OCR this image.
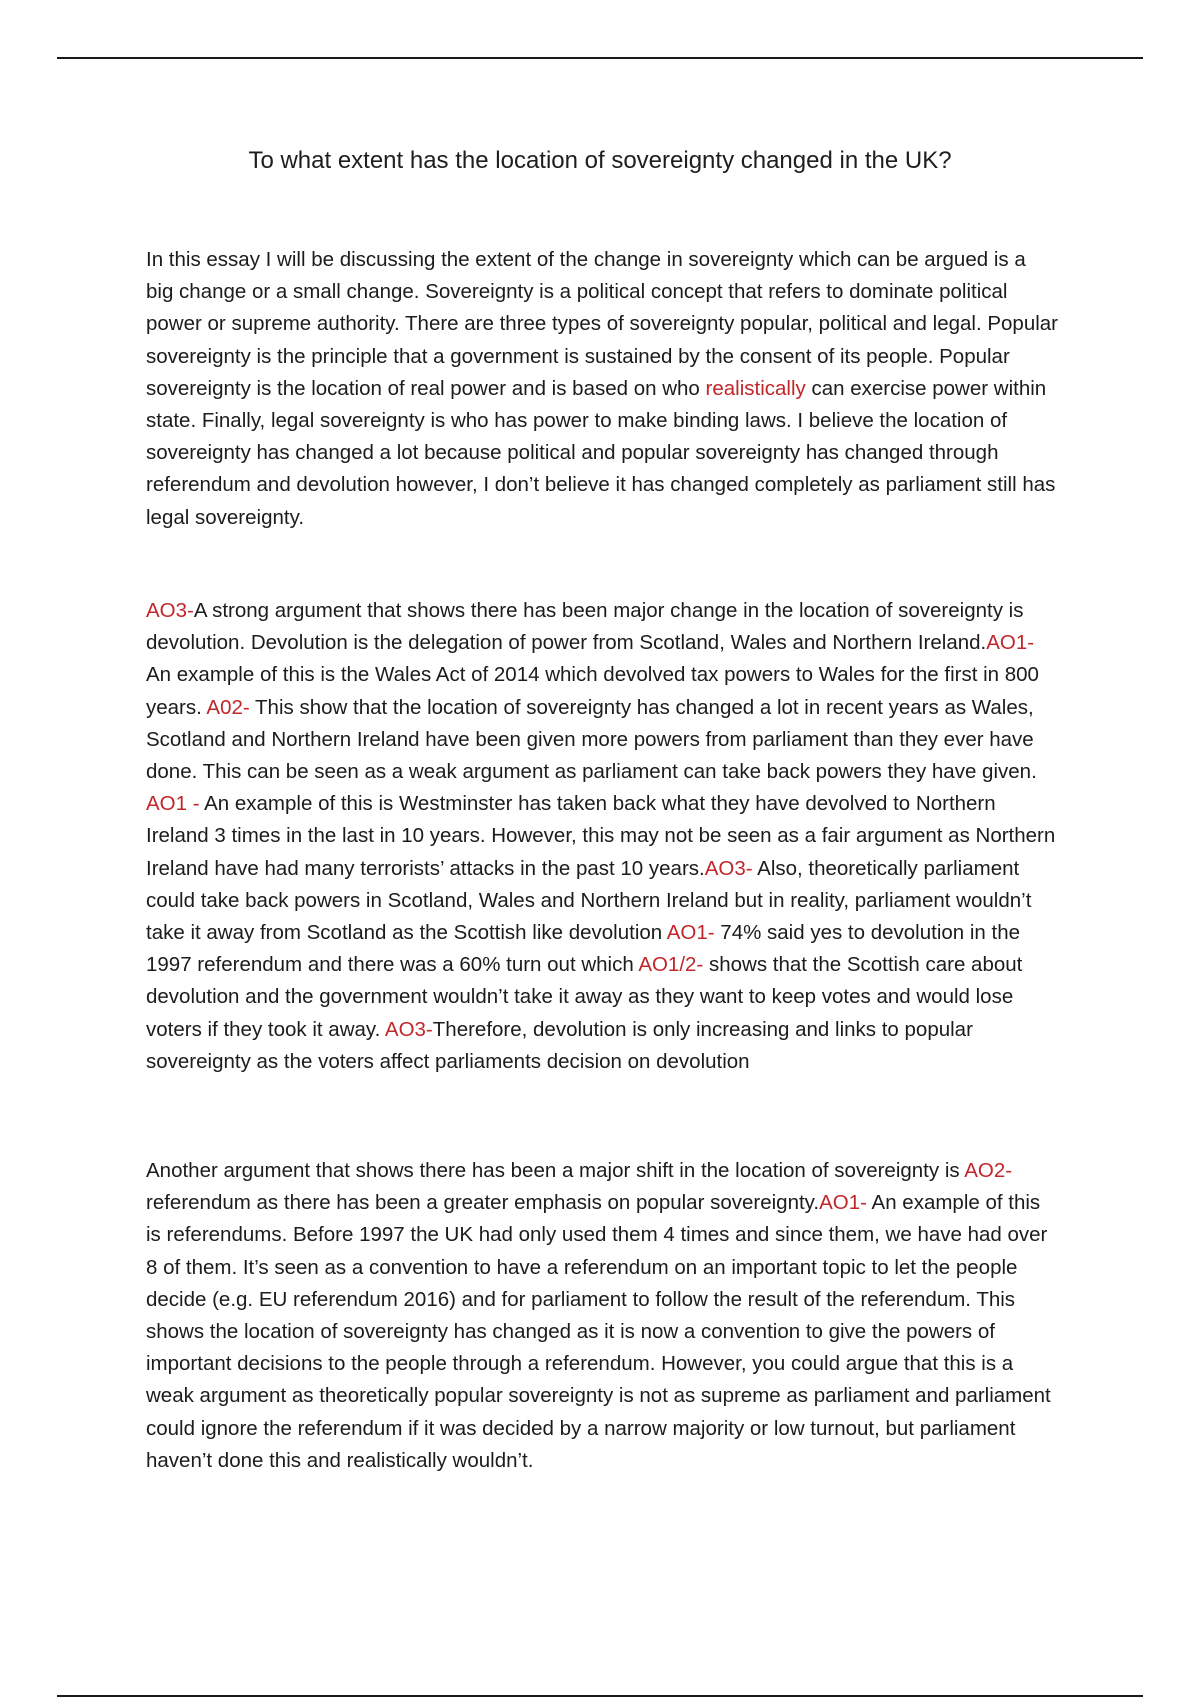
To what extent has the location of sovereignty changed in the UK?

In this essay I will be discussing the extent of the change in sovereignty which can be argued is a big change or a small change. Sovereignty is a political concept that refers to dominate political power or supreme authority. There are three types of sovereignty popular, political and legal. Popular sovereignty is the principle that a government is sustained by the consent of its people. Popular sovereignty is the location of real power and is based on who realistically can exercise power within state. Finally, legal sovereignty is who has power to make binding laws. I believe the location of sovereignty has changed a lot because political and popular sovereignty has changed through referendum and devolution however, I don’t believe it has changed completely as parliament still has legal sovereignty.

AO3-A strong argument that shows there has been major change in the location of sovereignty is devolution. Devolution is the delegation of power from Scotland, Wales and Northern Ireland.AO1- An example of this is the Wales Act of 2014 which devolved tax powers to Wales for the first in 800 years. A02- This show that the location of sovereignty has changed a lot in recent years as Wales, Scotland and Northern Ireland have been given more powers from parliament than they ever have done. This can be seen as a weak argument as parliament can take back powers they have given. AO1 - An example of this is Westminster has taken back what they have devolved to Northern Ireland 3 times in the last in 10 years. However, this may not be seen as a fair argument as Northern Ireland have had many terrorists’ attacks in the past 10 years.AO3- Also, theoretically parliament could take back powers in Scotland, Wales and Northern Ireland but in reality, parliament wouldn’t take it away from Scotland as the Scottish like devolution AO1- 74% said yes to devolution in the 1997 referendum and there was a 60% turn out which AO1/2- shows that the Scottish care about devolution and the government wouldn’t take it away as they want to keep votes and would lose voters if they took it away. AO3-Therefore, devolution is only increasing and links to popular sovereignty as the voters affect parliaments decision on devolution

Another argument that shows there has been a major shift in the location of sovereignty is AO2-referendum as there has been a greater emphasis on popular sovereignty.AO1- An example of this is referendums. Before 1997 the UK had only used them 4 times and since them, we have had over 8 of them. It’s seen as a convention to have a referendum on an important topic to let the people decide (e.g. EU referendum 2016) and for parliament to follow the result of the referendum. This shows the location of sovereignty has changed as it is now a convention to give the powers of important decisions to the people through a referendum. However, you could argue that this is a weak argument as theoretically popular sovereignty is not as supreme as parliament and parliament could ignore the referendum if it was decided by a narrow majority or low turnout, but parliament haven’t done this and realistically wouldn’t.
